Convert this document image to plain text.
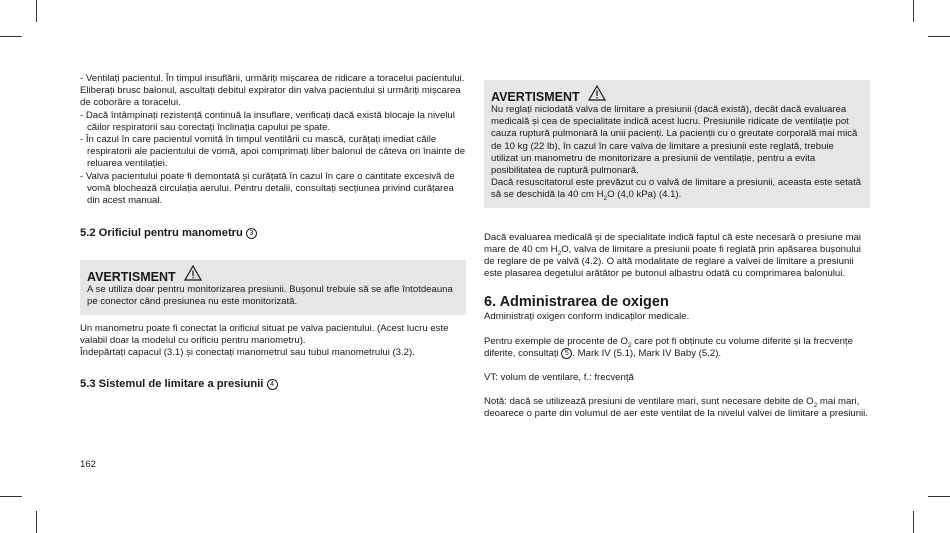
- Ventilați pacientul. În timpul insuflării, urmăriți mișcarea de ridicare a toracelui pacientului.

Eliberați brusc balonul, ascultați debitul expirator din valva pacientului și urmăriți mișcarea de coborâre a toracelui.

- Dacă întâmpinați rezistență continuă la insuflare, verificați dacă există blocaje la nivelul căilor respiratorii sau corectați înclinația capului pe spate.

- În cazul în care pacientul vomită în timpul ventilării cu mască, curățați imediat căile respiratorii ale pacientului de vomă, apoi comprimați liber balonul de câteva ori înainte de reluarea ventilației.

- Valva pacientului poate fi demontată și curățată în cazul în care o cantitate excesivă de vomă blochează circulația aerului. Pentru detalii, consultați secțiunea privind curățarea din acest manual.

5.2 Orificiul pentru manometru 3

AVERTISMENT

A se utiliza doar pentru monitorizarea presiunii. Bușonul trebuie să se afle întotdeauna pe conector când presiunea nu este monitorizată.

Un manometru poate fi conectat la orificiul situat pe valva pacientului. (Acest lucru este valabil doar la modelul cu orificiu pentru manometru).

Îndepărtați capacul (3.1) și conectați manometrul sau tubul manometrului (3.2).

5.3 Sistemul de limitare a presiunii 4

162
AVERTISMENT

Nu reglați niciodată valva de limitare a presiunii (dacă există), decât dacă evaluarea medicală și cea de specialitate indică acest lucru. Presiunile ridicate de ventilație pot cauza ruptură pulmonară la unii pacienți. La pacienții cu o greutate corporală mai mică de 10 kg (22 lb), în cazul în care valva de limitare a presiunii este reglată, trebuie utilizat un manometru de monitorizare a presiunii de ventilație, pentru a evita posibilitatea de ruptură pulmonară.

Dacă resuscitatorul este prevăzut cu o valvă de limitare a presiunii, aceasta este setată să se deschidă la 40 cm $H_2O$ (4,0 kPa) (4.1).

Dacă evaluarea medicală și de specialitate indică faptul că este necesară o presiune mai mare de 40 cm $H_2O$, valva de limitare a presiunii poate fi reglată prin apăsarea bușonului de reglare de pe valvă (4.2). O altă modalitate de reglare a valvei de limitare a presiunii este plasarea degetului arătător pe butonul albastru odată cu comprimarea balonului.

6. Administrarea de oxigen

Administrați oxigen conform indicaților medicale.

Pentru exemple de procente de $O_2$ care pot fi obținute cu volume diferite și la frecvențe diferite, consultați 5 . Mark IV (5.1), Mark IV Baby (5.2).

VT: volum de ventilare, f.: frecvență

Notă: dacă se utilizează presiuni de ventilare mari, sunt necesare debite de $O_2$ mai mari, deoarece o parte din volumul de aer este ventilat de la nivelul valvei de limitare a presiunii.
